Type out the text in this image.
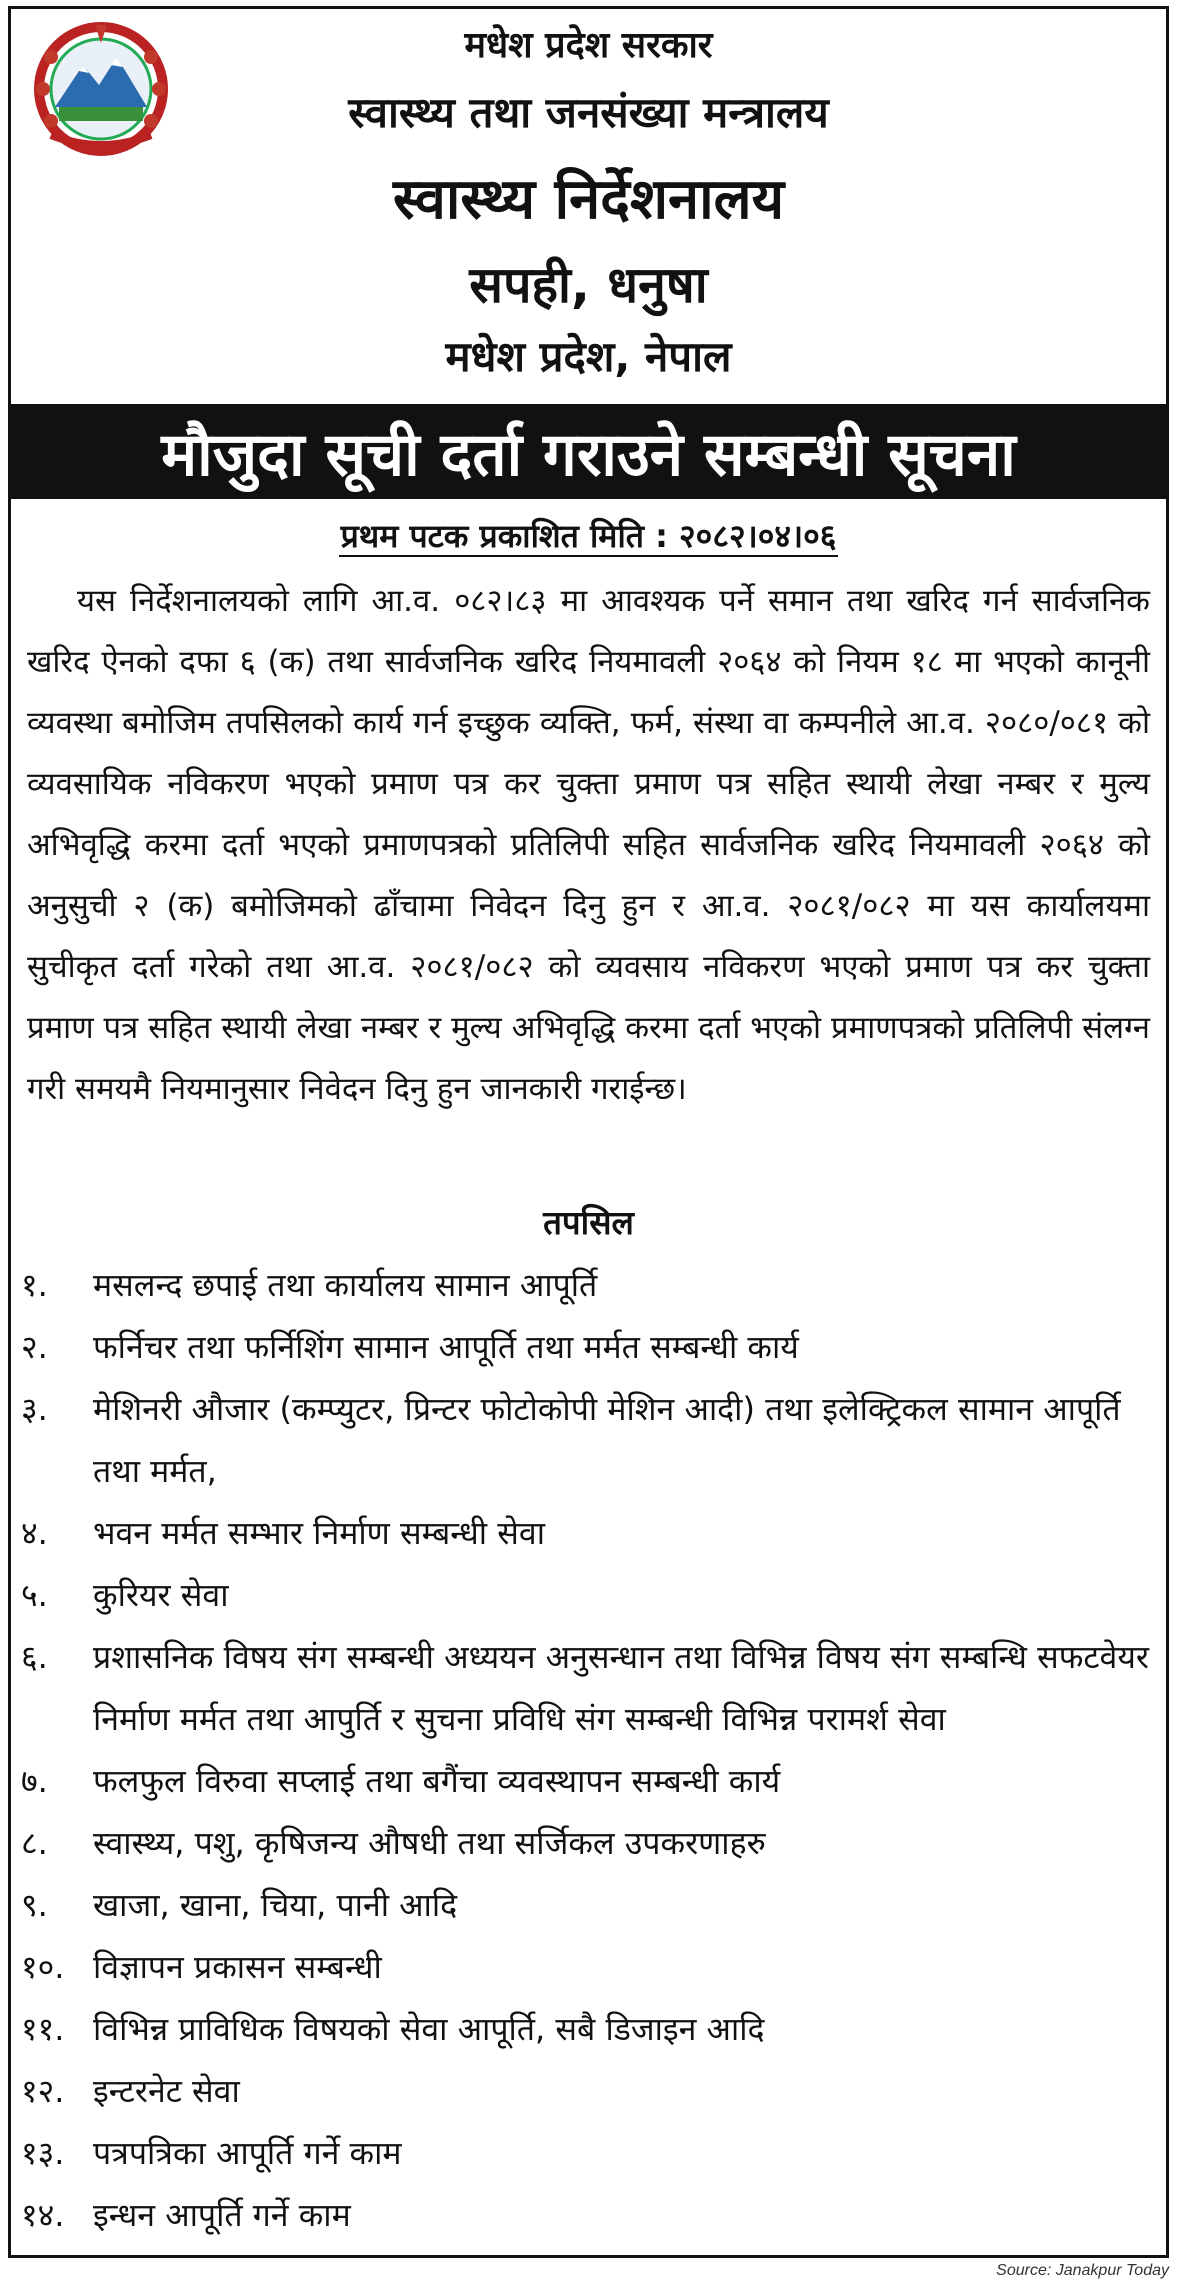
मधेश प्रदेश सरकार
स्वास्थ्य तथा जनसंख्या मन्त्रालय
स्वास्थ्य निर्देशनालय
सपही, धनुषा
मधेश प्रदेश, नेपाल
मौजुदा सूची दर्ता गराउने सम्बन्धी सूचना
प्रथम पटक प्रकाशित मिति : २०८२।०४।०६
यस निर्देशनालयको लागि आ.व. ०८२।८३ मा आवश्यक पर्ने समान तथा खरिद गर्न सार्वजनिक खरिद ऐनको दफा ६ (क) तथा सार्वजनिक खरिद नियमावली २०६४ को नियम १८ मा भएको कानूनी व्यवस्था बमोजिम तपसिलको कार्य गर्न इच्छुक व्यक्ति, फर्म, संस्था वा कम्पनीले आ.व. २०८०/०८१ को व्यवसायिक नविकरण भएको प्रमाण पत्र कर चुक्ता प्रमाण पत्र सहित स्थायी लेखा नम्बर र मुल्य अभिवृद्धि करमा दर्ता भएको प्रमाणपत्रको प्रतिलिपी सहित सार्वजनिक खरिद नियमावली २०६४ को अनुसुची २ (क) बमोजिमको ढाँचामा निवेदन दिनु हुन र आ.व. २०८१/०८२ मा यस कार्यालयमा सुचीकृत दर्ता गरेको तथा आ.व. २०८१/०८२ को व्यवसाय नविकरण भएको प्रमाण पत्र कर चुक्ता प्रमाण पत्र सहित स्थायी लेखा नम्बर र मुल्य अभिवृद्धि करमा दर्ता भएको प्रमाणपत्रको प्रतिलिपी संलग्न गरी समयमै नियमानुसार निवेदन दिनु हुन जानकारी गराईन्छ।
तपसिल
१.	मसलन्द छपाई तथा कार्यालय सामान आपूर्ति
२.	फर्निचर तथा फर्निशिंग सामान आपूर्ति तथा मर्मत सम्बन्धी कार्य
३.	मेशिनरी औजार (कम्प्युटर, प्रिन्टर फोटोकोपी मेशिन आदी) तथा इलेक्ट्रिकल सामान आपूर्ति तथा मर्मत,
४.	भवन मर्मत सम्भार निर्माण सम्बन्धी सेवा
५.	कुरियर सेवा
६.	प्रशासनिक विषय संग सम्बन्धी अध्ययन अनुसन्धान तथा विभिन्न विषय संग सम्बन्धि सफटवेयर निर्माण मर्मत तथा आपुर्ति र सुचना प्रविधि संग सम्बन्धी विभिन्न परामर्श सेवा
७.	फलफुल विरुवा सप्लाई तथा बगैंचा व्यवस्थापन सम्बन्धी कार्य
८.	स्वास्थ्य, पशु, कृषिजन्य औषधी तथा सर्जिकल उपकरणाहरु
९.	खाजा, खाना, चिया, पानी आदि
१०. विज्ञापन प्रकासन सम्बन्धी
११. विभिन्न प्राविधिक विषयको सेवा आपूर्ति, सबै डिजाइन आदि
१२. इन्टरनेट सेवा
१३. पत्रपत्रिका आपूर्ति गर्ने काम
१४. इन्धन आपूर्ति गर्ने काम
Source: Janakpur Today
